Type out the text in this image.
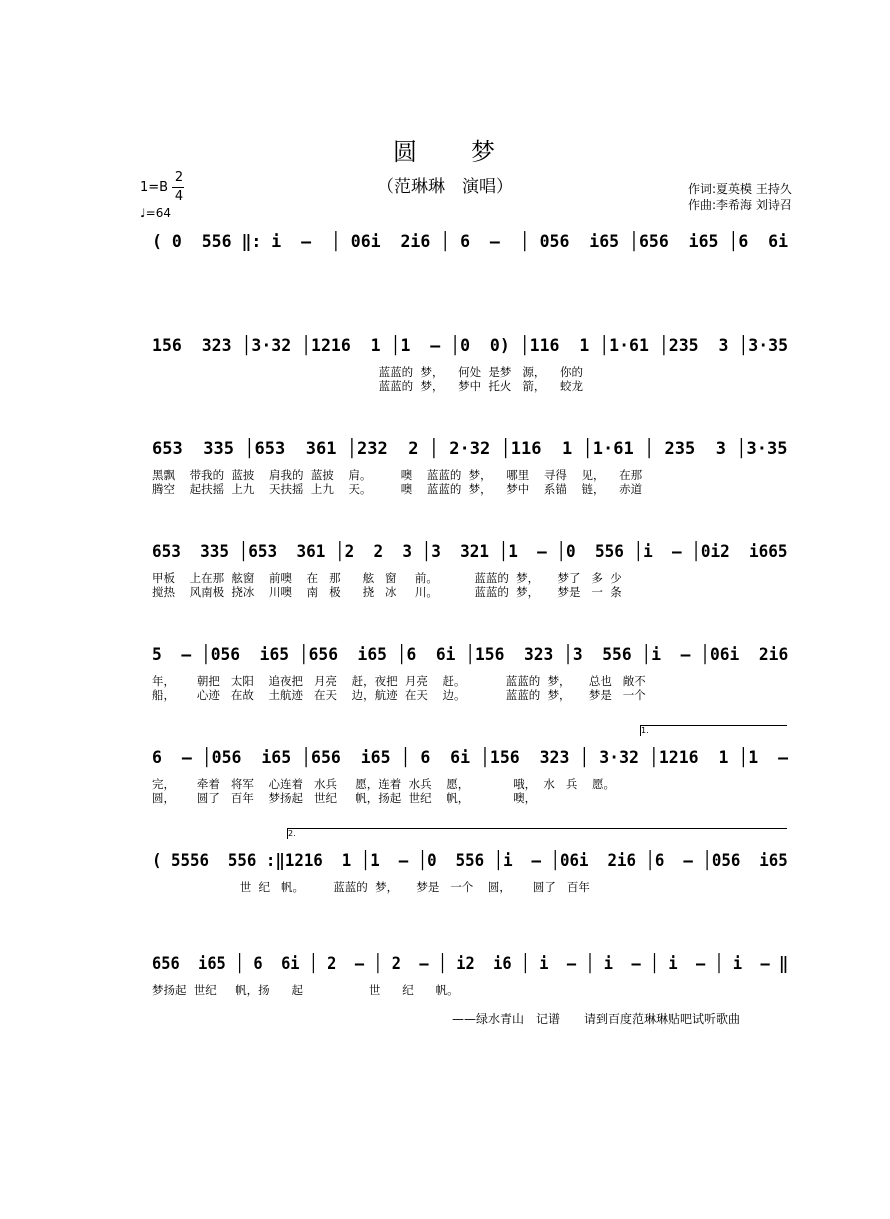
圆　　梦
（范琳琳　演唱）	作词:夏英模 王持久
作曲:李希海 刘诗召
1=B
2
4
♩=64
( 0  556 ‖: i  –  │ 06i  2i6 │ 6  –  │ 056  i65 │656  i65 │6  6i
156  323 │3·32 │1216  1 │1  – │0  0) │116  1 │1·61 │235  3 │3·35
蓝蓝的  梦，    何处  是梦   源，    你的
蓝蓝的  梦，    梦中  托火   箭，    蛟龙
653  335 │653  361 │232  2 │ 2·32 │116  1 │1·61 │ 235  3 │3·35
黑飘    带我的  蓝披    肩我的  蓝披    肩。        噢    蓝蓝的  梦，    哪里    寻得    见，    在那
腾空    起扶摇  上九    天扶摇  上九    天。        噢    蓝蓝的  梦，    梦中    系锚    链，    赤道
653  335 │653  361 │2  2  3 │3  321 │1  – │0  556 │i  – │0i2  i665
甲板    上在那  舷窗    前噢    在   那      舷   窗     前。          蓝蓝的  梦，     梦了   多  少
搅热    风南极  挠冰    川噢    南   极      挠   冰     川。          蓝蓝的  梦，     梦是   一  条
5  – │056  i65 │656  i65 │6  6i │156  323 │3  556 │i  – │06i  2i6
年，      朝把   太阳    追夜把   月亮    赶，夜把  月亮    赶。           蓝蓝的  梦，     总也   敞不
船，      心迹   在故    土航迹   在天    边，航迹  在天    边。           蓝蓝的  梦，     梦是   一个
1.
6  – │056  i65 │656  i65 │ 6  6i │156  323 │ 3·32 │1216  1 │1  –
完，      牵着   将军    心连着   水兵     愿，连着  水兵    愿，            哦，  水   兵    愿。
圆，      圆了   百年    梦扬起   世纪     帆，扬起  世纪    帆，            噢，
2.
( 5556  556 :‖1216  1 │1  – │0  556 │i  – │06i  2i6 │6  – │056  i65
世  纪   帆。        蓝蓝的  梦，     梦是   一个    圆，      圆了   百年
656  i65 │ 6  6i │ 2  – │ 2  – │ i2  i6 │ i  – │ i  – │ i  – │ i  – ‖
梦扬起  世纪     帆，扬      起                  世      纪      帆。
——绿水青山　记谱　　请到百度范琳琳贴吧试听歌曲
